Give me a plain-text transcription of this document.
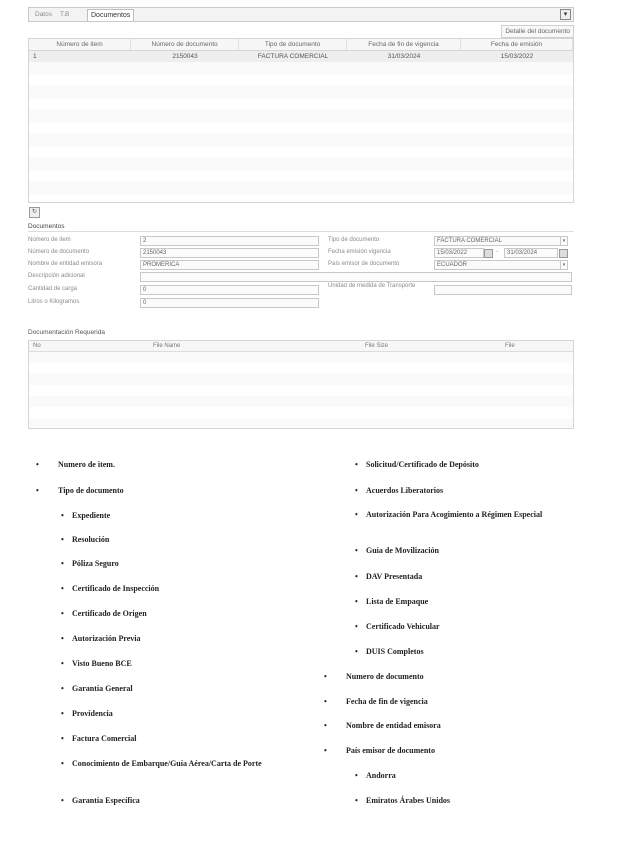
Datos	T.B	Documentos	▾
Detalle del documento
Número de item	Número de documento	Tipo de documento	Fecha de fin de vigencia	Fecha de emisión
1	2150043	FACTURA COMERCIAL	31/03/2024	15/03/2022
↻
Documentos
Número de item	2
Número de documento	2150043
Nombre de entidad emisora	PROMERICA
Descripción adicional
Cantidad de carga	0
Litros o Kilogramos	0
Tipo de documento	FACTURA COMERCIAL	▾
Fecha emisión vigencia	15/03/2022	-	31/03/2024
País emisor de documento	ECUADOR	▾
Unidad de medida de Transporte
Documentación Requerida
No	File Name	File Size	File
• Numero de item.
• Tipo de documento
• Expediente
• Resolución
• Póliza Seguro
• Certificado de Inspección
• Certificado de Origen
• Autorización Previa
• Visto Bueno BCE
• Garantía General
• Providencia
• Factura Comercial
• Conocimiento de Embarque/Guía Aérea/Carta de Porte
• Garantía Específica
• Solicitud/Certificado de Depósito
• Acuerdos Liberatorios
• Autorización Para Acogimiento a Régimen Especial
• Guía de Movilización
• DAV Presentada
• Lista de Empaque
• Certificado Vehicular
• DUIS Completos
• Numero de documento
• Fecha de fin de vigencia
• Nombre de entidad emisora
• País emisor de documento
• Andorra
• Emiratos Árabes Unidos
